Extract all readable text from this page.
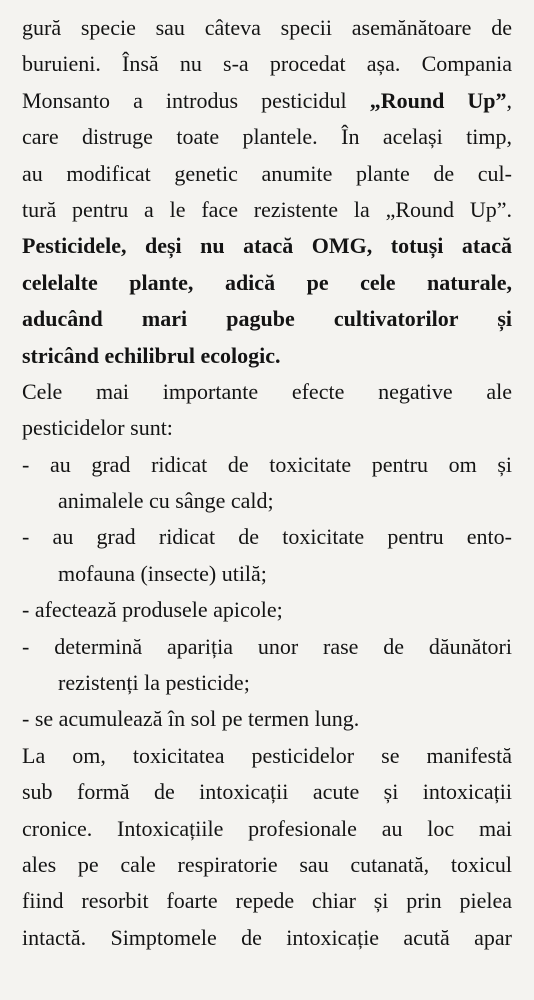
gură specie sau câteva specii asemănătoare de
buruieni. Însă nu s-a procedat așa. Compania
Monsanto a introdus pesticidul „Round Up”,
care distruge toate plantele. În același timp,
au modificat genetic anumite plante de cul-
tură pentru a le face rezistente la „Round Up”.
Pesticidele, deși nu atacă OMG, totuși atacă
celelalte plante, adică pe cele naturale,
aducând mari pagube cultivatorilor și
stricând echilibrul ecologic.
Cele mai importante efecte negative ale
pesticidelor sunt:
- au grad ridicat de toxicitate pentru om și
animalele cu sânge cald;
- au grad ridicat de toxicitate pentru ento-
mofauna (insecte) utilă;
- afectează produsele apicole;
- determină apariția unor rase de dăunători
rezistenți la pesticide;
- se acumulează în sol pe termen lung.
La om, toxicitatea pesticidelor se manifestă
sub formă de intoxicații acute și intoxicații
cronice. Intoxicațiile profesionale au loc mai
ales pe cale respiratorie sau cutanată, toxicul
fiind resorbit foarte repede chiar și prin pielea
intactă. Simptomele de intoxicație acută apar
